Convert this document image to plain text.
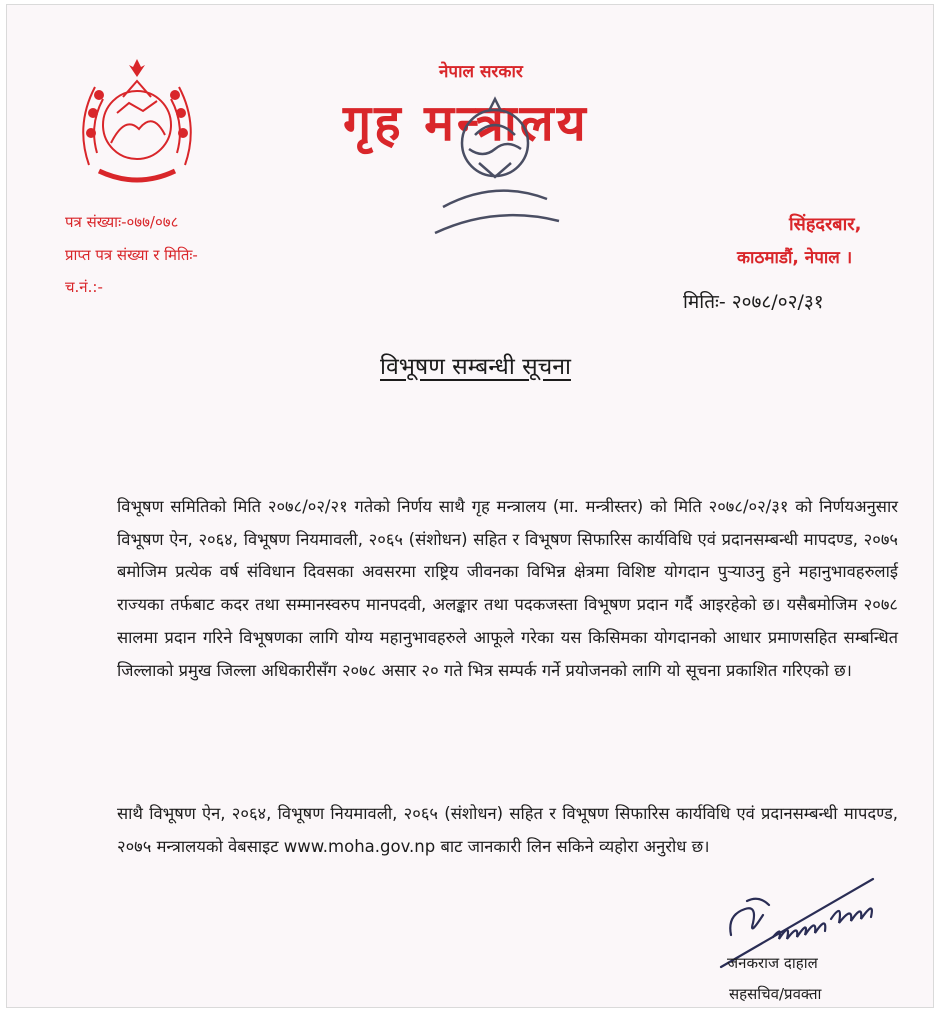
नेपाल सरकार
गृह मन्त्रालय
पत्र संख्याः-०७७/०७८
प्राप्त पत्र संख्या र मितिः-
च.नं.:-
सिंहदरबार,
काठमाडौं, नेपाल ।
मितिः- २०७८/०२/३१
विभूषण सम्बन्धी सूचना

विभूषण समितिको मिति २०७८/०२/२१ गतेको निर्णय साथै गृह मन्त्रालय (मा. मन्त्रीस्तर) को मिति २०७८/०२/३१ को निर्णयअनुसार विभूषण ऐन, २०६४, विभूषण नियमावली, २०६५ (संशोधन) सहित र विभूषण सिफारिस कार्यविधि एवं प्रदानसम्बन्धी मापदण्ड, २०७५ बमोजिम प्रत्येक वर्ष संविधान दिवसका अवसरमा राष्ट्रिय जीवनका विभिन्न क्षेत्रमा विशिष्ट योगदान पुर्‍याउनु हुने महानुभावहरुलाई राज्यका तर्फबाट कदर तथा सम्मानस्वरुप मानपदवी, अलङ्कार तथा पदकजस्ता विभूषण प्रदान गर्दै आइरहेको छ। यसैबमोजिम २०७८ सालमा प्रदान गरिने विभूषणका लागि योग्य महानुभावहरुले आफूले गरेका यस किसिमका योगदानको आधार प्रमाणसहित सम्बन्धित जिल्लाको प्रमुख जिल्ला अधिकारीसँग २०७८ असार २० गते भित्र सम्पर्क गर्ने प्रयोजनको लागि यो सूचना प्रकाशित गरिएको छ।

साथै विभूषण ऐन, २०६४, विभूषण नियमावली, २०६५ (संशोधन) सहित र विभूषण सिफारिस कार्यविधि एवं प्रदानसम्बन्धी मापदण्ड, २०७५ मन्त्रालयको वेबसाइट www.moha.gov.np बाट जानकारी लिन सकिने व्यहोरा अनुरोध छ।

जनकराज दाहाल
सहसचिव/प्रवक्ता
